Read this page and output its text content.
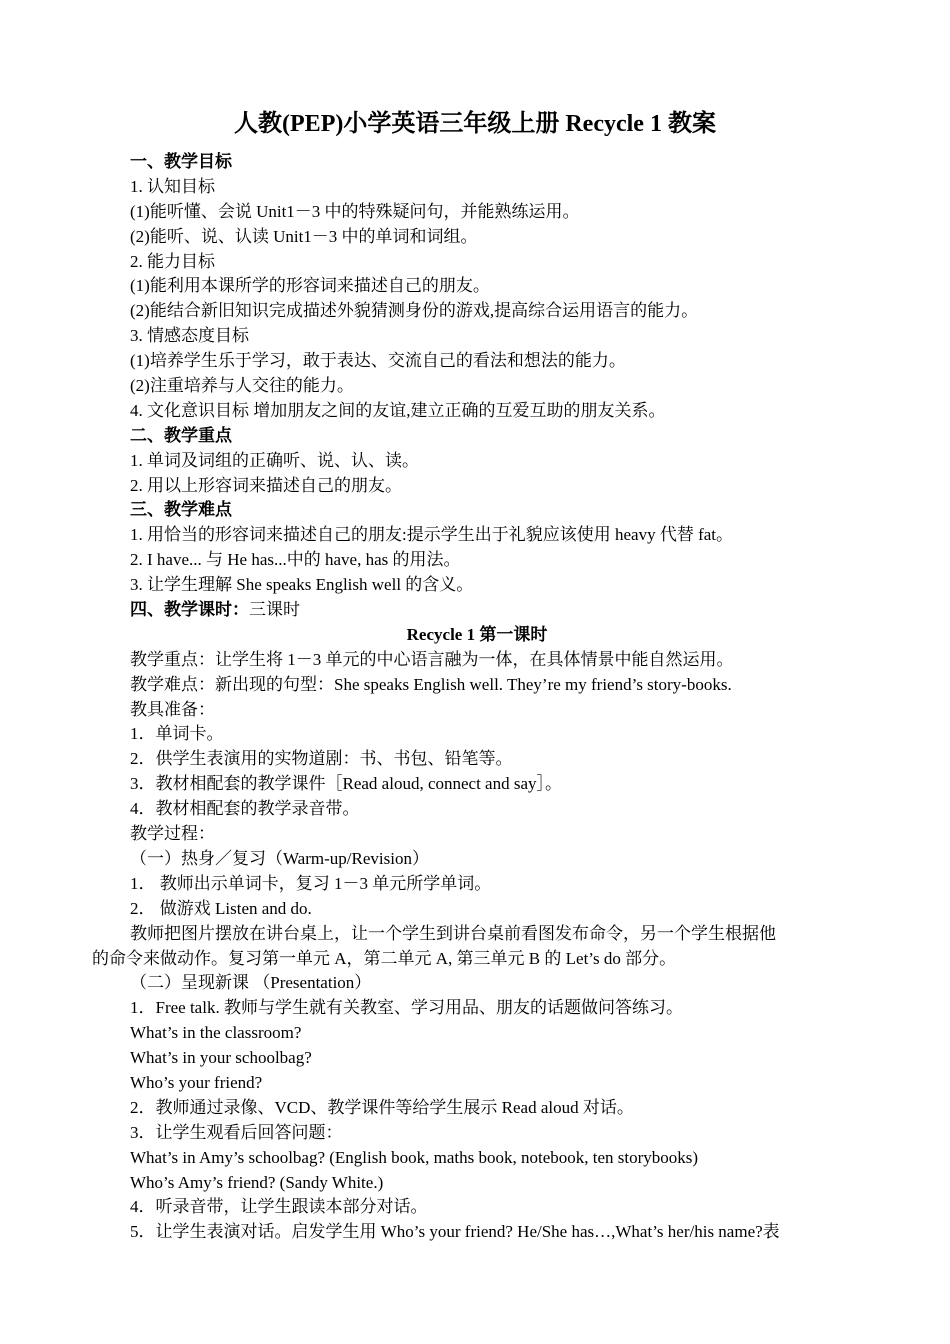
人教(PEP)小学英语三年级上册 Recycle 1 教案
一、教学目标
1. 认知目标
(1)能听懂、会说 Unit1－3 中的特殊疑问句，并能熟练运用。
(2)能听、说、认读 Unit1－3 中的单词和词组。
2. 能力目标
(1)能利用本课所学的形容词来描述自己的朋友。
(2)能结合新旧知识完成描述外貌猜测身份的游戏,提高综合运用语言的能力。
3. 情感态度目标
(1)培养学生乐于学习，敢于表达、交流自己的看法和想法的能力。
(2)注重培养与人交往的能力。
4. 文化意识目标 增加朋友之间的友谊,建立正确的互爱互助的朋友关系。
二、教学重点
1. 单词及词组的正确听、说、认、读。
2. 用以上形容词来描述自己的朋友。
三、教学难点
1. 用恰当的形容词来描述自己的朋友:提示学生出于礼貌应该使用 heavy 代替 fat。
2. I have... 与 He has...中的 have, has 的用法。
3. 让学生理解 She speaks English well 的含义。
四、教学课时：三课时
Recycle 1 第一课时
教学重点：让学生将 1－3 单元的中心语言融为一体，在具体情景中能自然运用。
教学难点：新出现的句型：She speaks English well. They’re my friend’s story-books.
教具准备：
1．单词卡。
2．供学生表演用的实物道剧：书、书包、铅笔等。
3．教材相配套的教学课件［Read aloud, connect and say］。
4．教材相配套的教学录音带。
教学过程：
（一）热身／复习（Warm-up/Revision）
1． 教师出示单词卡，复习 1－3 单元所学单词。
2． 做游戏 Listen and do.
教师把图片摆放在讲台桌上，让一个学生到讲台桌前看图发布命令，另一个学生根据他
的命令来做动作。复习第一单元 A，第二单元 A, 第三单元 B 的 Let’s do 部分。
（二）呈现新课 （Presentation）
1．Free talk. 教师与学生就有关教室、学习用品、朋友的话题做问答练习。
What’s in the classroom?
What’s in your schoolbag?
Who’s your friend?
2．教师通过录像、VCD、教学课件等给学生展示 Read aloud 对话。
3．让学生观看后回答问题：
What’s in Amy’s schoolbag? (English book, maths book, notebook, ten storybooks)
Who’s Amy’s friend? (Sandy White.)
4．听录音带，让学生跟读本部分对话。
5．让学生表演对话。启发学生用 Who’s your friend? He/She has…,What’s her/his name?表
